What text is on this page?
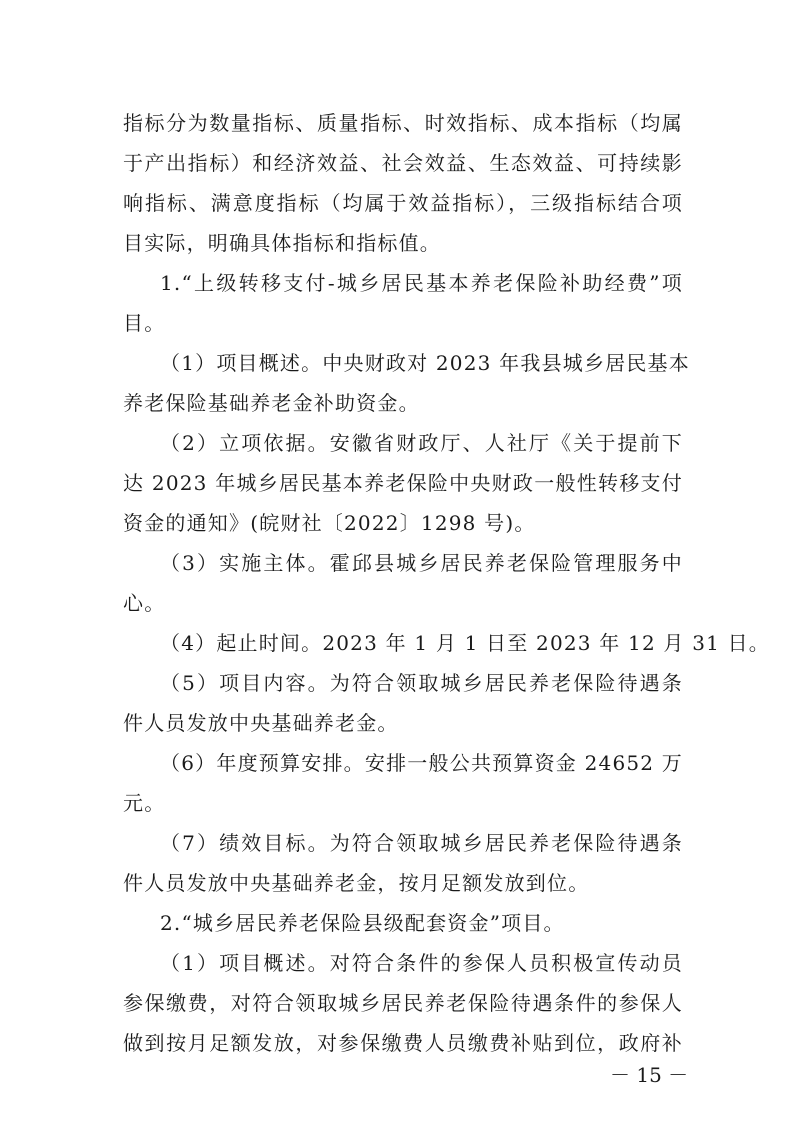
指标分为数量指标、质量指标、时效指标、成本指标（均属
于产出指标）和经济效益、社会效益、生态效益、可持续影
响指标、满意度指标（均属于效益指标），三级指标结合项
目实际，明确具体指标和指标值。
1.“上级转移支付-城乡居民基本养老保险补助经费”项
目。
（1）项目概述。中央财政对 2023 年我县城乡居民基本
养老保险基础养老金补助资金。
（2）立项依据。安徽省财政厅、人社厅《关于提前下
达 2023 年城乡居民基本养老保险中央财政一般性转移支付
资金的通知》(皖财社〔2022〕1298 号)。
（3）实施主体。霍邱县城乡居民养老保险管理服务中
心。
（4）起止时间。2023 年 1 月 1 日至 2023 年 12 月 31 日。
（5）项目内容。为符合领取城乡居民养老保险待遇条
件人员发放中央基础养老金。
（6）年度预算安排。安排一般公共预算资金 24652 万
元。
（7）绩效目标。为符合领取城乡居民养老保险待遇条
件人员发放中央基础养老金，按月足额发放到位。
2.“城乡居民养老保险县级配套资金”项目。
（1）项目概述。对符合条件的参保人员积极宣传动员
参保缴费，对符合领取城乡居民养老保险待遇条件的参保人
做到按月足额发放，对参保缴费人员缴费补贴到位，政府补
－ 15 －
